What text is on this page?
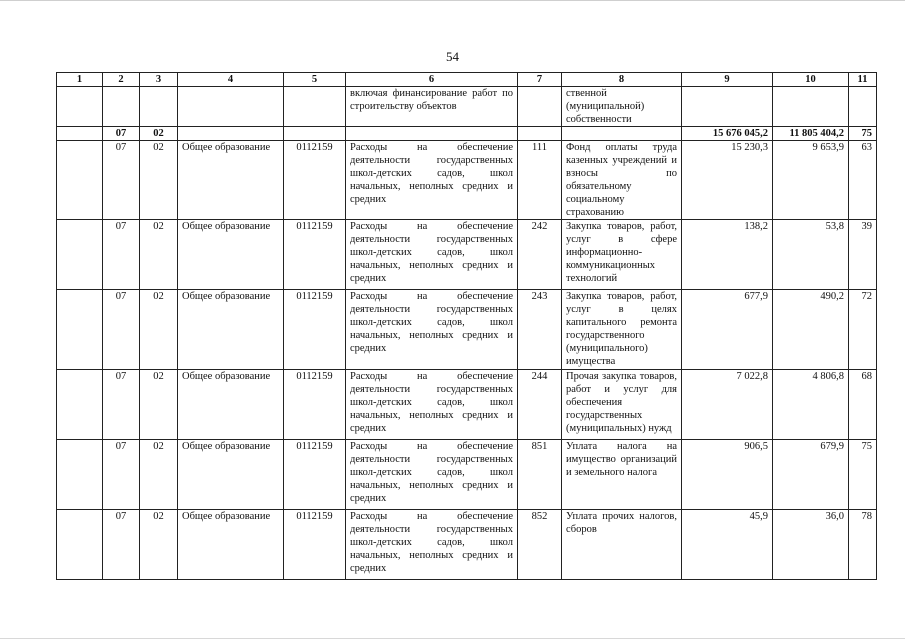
54
1	2	3	4	5	6	7	8	9	10	11
					включая финансирование работ по строительству объектов		ственной (муниципальной) собственности			
	07	02						15 676 045,2	11 805 404,2	75
	07	02	Общее образование	0112159	Расходы на обеспечение деятельности государственных школ-детских садов, школ начальных, неполных средних и средних	111	Фонд оплаты труда казенных учреждений и взносы по обязательному социальному страхованию	15 230,3	9 653,9	63
	07	02	Общее образование	0112159	Расходы на обеспечение деятельности государственных школ-детских садов, школ начальных, неполных средних и средних	242	Закупка товаров, работ, услуг в сфере информационно-коммуникационных технологий	138,2	53,8	39
	07	02	Общее образование	0112159	Расходы на обеспечение деятельности государственных школ-детских садов, школ начальных, неполных средних и средних	243	Закупка товаров, работ, услуг в целях капитального ремонта государственного (муниципального) имущества	677,9	490,2	72
	07	02	Общее образование	0112159	Расходы на обеспечение деятельности государственных школ-детских садов, школ начальных, неполных средних и средних	244	Прочая закупка товаров, работ и услуг для обеспечения государственных (муниципальных) нужд	7 022,8	4 806,8	68
	07	02	Общее образование	0112159	Расходы на обеспечение деятельности государственных школ-детских садов, школ начальных, неполных средних и средних	851	Уплата налога на имущество организаций и земельного налога	906,5	679,9	75
	07	02	Общее образование	0112159	Расходы на обеспечение деятельности государственных школ-детских садов, школ начальных, неполных средних и средних	852	Уплата прочих налогов, сборов	45,9	36,0	78
